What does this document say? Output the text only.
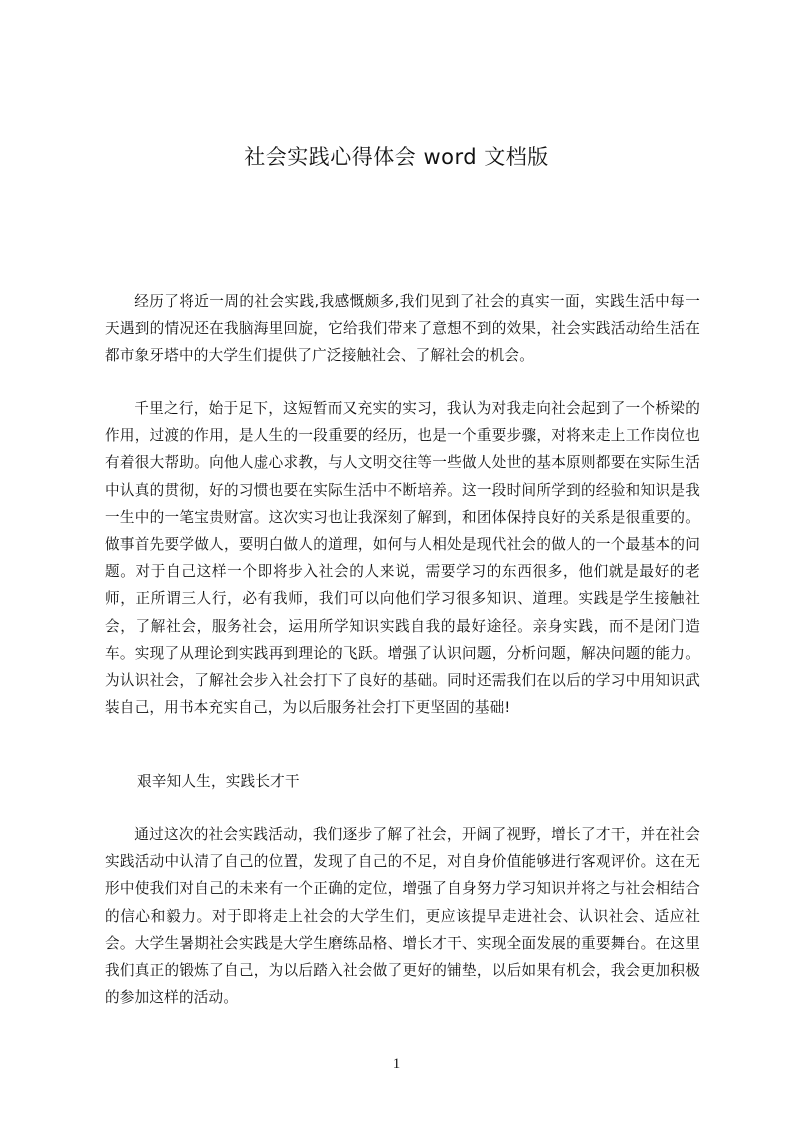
社会实践心得体会 word 文档版

经历了将近一周的社会实践,我感慨颇多,我们见到了社会的真实一面，实践生活中每一天遇到的情况还在我脑海里回旋，它给我们带来了意想不到的效果，社会实践活动给生活在都市象牙塔中的大学生们提供了广泛接触社会、了解社会的机会。

千里之行，始于足下，这短暂而又充实的实习，我认为对我走向社会起到了一个桥梁的作用，过渡的作用，是人生的一段重要的经历，也是一个重要步骤，对将来走上工作岗位也有着很大帮助。向他人虚心求教，与人文明交往等一些做人处世的基本原则都要在实际生活中认真的贯彻，好的习惯也要在实际生活中不断培养。这一段时间所学到的经验和知识是我一生中的一笔宝贵财富。这次实习也让我深刻了解到，和团体保持良好的关系是很重要的。做事首先要学做人，要明白做人的道理，如何与人相处是现代社会的做人的一个最基本的问题。对于自己这样一个即将步入社会的人来说，需要学习的东西很多，他们就是最好的老师，正所谓三人行，必有我师，我们可以向他们学习很多知识、道理。实践是学生接触社会，了解社会，服务社会，运用所学知识实践自我的最好途径。亲身实践，而不是闭门造车。实现了从理论到实践再到理论的飞跃。增强了认识问题，分析问题，解决问题的能力。为认识社会，了解社会步入社会打下了良好的基础。同时还需我们在以后的学习中用知识武装自己，用书本充实自己，为以后服务社会打下更坚固的基础!

艰辛知人生，实践长才干

通过这次的社会实践活动，我们逐步了解了社会，开阔了视野，增长了才干，并在社会实践活动中认清了自己的位置，发现了自己的不足，对自身价值能够进行客观评价。这在无形中使我们对自己的未来有一个正确的定位，增强了自身努力学习知识并将之与社会相结合的信心和毅力。对于即将走上社会的大学生们，更应该提早走进社会、认识社会、适应社会。大学生暑期社会实践是大学生磨练品格、增长才干、实现全面发展的重要舞台。在这里我们真正的锻炼了自己，为以后踏入社会做了更好的铺垫，以后如果有机会，我会更加积极的参加这样的活动。

1
